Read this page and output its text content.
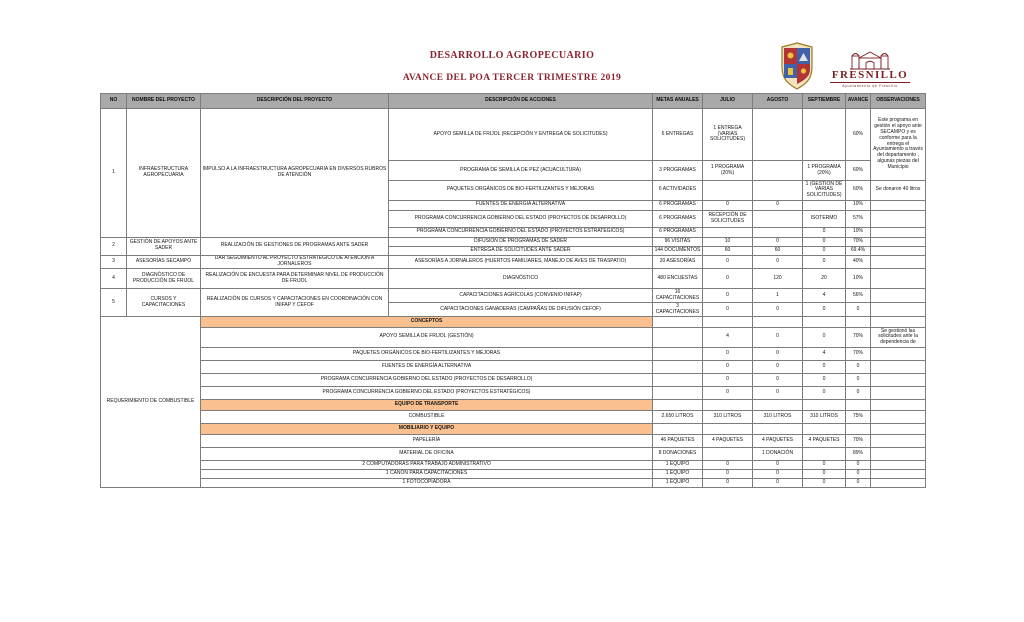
DESARROLLO AGROPECUARIO
AVANCE DEL POA TERCER TRIMESTRE 2019	FRESNILLO
Ayuntamiento de Fresnillo
NO	NOMBRE DEL PROYECTO	DESCRIPCIÓN DEL PROYECTO	DESCRIPCIÓN DE ACCIONES	METAS ANUALES	JULIO	AGOSTO	SEPTIEMBRE	AVANCE	OBSERVACIONES
1	INFRAESTRUCTURA AGROPECUARIA	IMPULSO A LA INFRAESTRUCTURA AGROPECUARIA EN DIVERSOS RUBROS DE ATENCIÓN	APOYO SEMILLA DE FRIJOL (RECEPCIÓN Y ENTREGA DE SOLICITUDES)	6 ENTREGAS	1 ENTREGA (VARIAS SOLICITUDES)			60%	Este programa en gestión el apoyo ante SECAMPO y es conforme para la entrega el Ayuntamiento a través del departamento , algunas piezas del Municipio
			PROGRAMA DE SEMILLA DE PEZ (ACUACULTURA)	3 PROGRAMAS	1 PROGRAMA (20%)		1 PROGRAMA (20%)	60%	
			PAQUETES ORGÁNICOS DE BIO-FERTILIZANTES Y MEJORAS	6 ACTIVIDADES			1 (GESTIÓN DE VARIAS SOLICITUDES)	60%	Se donaron 40 litros
			FUENTES DE ENERGÍA ALTERNATIVA	6 PROGRAMAS	0	0		10%	
			PROGRAMA CONCURRENCIA GOBIERNO DEL ESTADO (PROYECTOS DE DESARROLLO)	6 PROGRAMAS	RECEPCIÓN DE SOLICITUDES		ISOTERMO	57%	
			PROGRAMA CONCURRENCIA GOBIERNO DEL ESTADO (PROYECTOS ESTRATÉGICOS)	6 PROGRAMAS			0	10%	
2	GESTIÓN DE APOYOS ANTE SADER	REALIZACIÓN DE GESTIONES DE PROGRAMAS ANTE SADER	DIFUSIÓN DE PROGRAMAS DE SADER	96 VISITAS	10	0	0	70%	
			ENTREGA DE SOLICITUDES ANTE SADER	144 DOCUMENTOS	60	60	0	69.4%	
3	ASESORÍAS SECAMPO	DAR SEGUIMIENTO AL PROYECTO ESTRATÉGICO DE ATENCIÓN A JORNALEROS	ASESORÍAS A JORNALEROS (HUERTOS FAMILIARES, MANEJO DE AVES DE TRASPATIO)	20 ASESORÍAS	0	0	0	40%	
4	DIAGNÓSTICO DE PRODUCCIÓN DE FRIJOL	REALIZACIÓN DE ENCUESTA PARA DETERMINAR NIVEL DE PRODUCCIÓN DE FRIJOL	DIAGNÓSTICO	480 ENCUESTAS	0	120	20	10%	
5	CURSOS Y CAPACITACIONES	REALIZACIÓN DE CURSOS Y CAPACITACIONES EN COORDINACIÓN CON INIFAP Y CEFOF	CAPACITACIONES AGRÍCOLAS (CONVENIO INIFAP)	16 CAPACITACIONES	0	1	4	56%	
			CAPACITACIONES GANADERAS (CAMPAÑAS DE DIFUSIÓN CEFOF)	3 CAPACITACIONES	0	0	0	0	
REQUERIMIENTO DE COMBUSTIBLE		CONCEPTOS							
		APOYO SEMILLA DE FRIJOL (GESTIÓN)			4	0	0	70%	Se gestionó las solicitudes ante la dependencia de
		PAQUETES ORGÁNICOS DE BIO-FERTILIZANTES Y MEJORAS			0	0	4	70%	
		FUENTES DE ENERGÍA ALTERNATIVA			0	0	0	0	
		PROGRAMA CONCURRENCIA GOBIERNO DEL ESTADO (PROYECTOS DE DESARROLLO)			0	0	0	0	
		PROGRAMA CONCURRENCIA GOBIERNO DEL ESTADO (PROYECTOS ESTRATÉGICOS)			0	0	0	0	
		EQUIPO DE TRANSPORTE							
		COMBUSTIBLE		2,650 LITROS	310 LITROS	310 LITROS	310 LITROS	75%	
		MOBILIARIO Y EQUIPO							
		PAPELERÍA		46 PAQUETES	4 PAQUETES	4 PAQUETES	4 PAQUETES	70%	
		MATERIAL DE OFICINA		8 DONACIONES		1 DONACIÓN		89%	
		2 COMPUTADORAS PARA TRABAJO ADMINISTRATIVO		1 EQUIPO	0	0	0	0	
		1 CAÑÓN PARA CAPACITACIONES		1 EQUIPO	0	0	0	0	
		1 FOTOCOPIADORA		1 EQUIPO	0	0	0	0	
